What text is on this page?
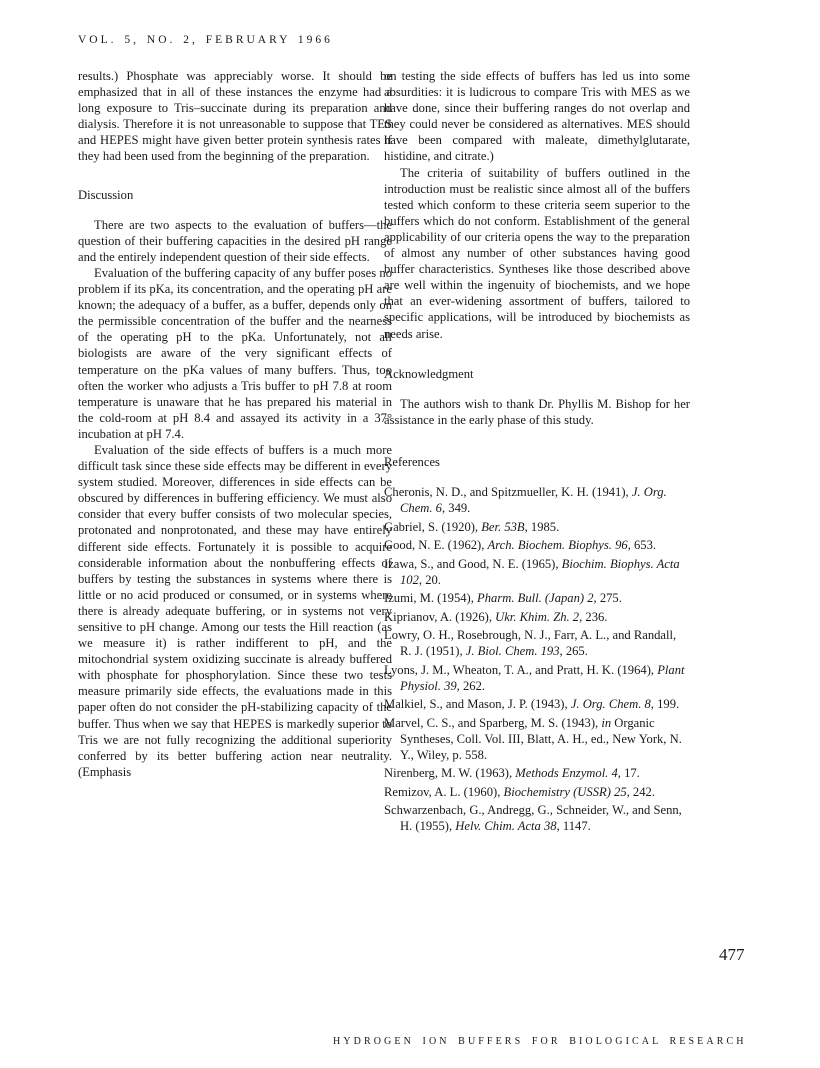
VOL. 5, NO. 2, FEBRUARY 1966

results.) Phosphate was appreciably worse. It should be emphasized that in all of these instances the enzyme had a long exposure to Tris–succinate during its preparation and dialysis. Therefore it is not unreasonable to suppose that TES and HEPES might have given better protein synthesis rates if they had been used from the beginning of the preparation.

Discussion

There are two aspects to the evaluation of buffers—the question of their buffering capacities in the desired pH range and the entirely independent question of their side effects.

Evaluation of the buffering capacity of any buffer poses no problem if its pKa, its concentration, and the operating pH are known; the adequacy of a buffer, as a buffer, depends only on the permissible concentration of the buffer and the nearness of the operating pH to the pKa. Unfortunately, not all biologists are aware of the very significant effects of temperature on the pKa values of many buffers. Thus, too often the worker who adjusts a Tris buffer to pH 7.8 at room temperature is unaware that he has prepared his material in the cold-room at pH 8.4 and assayed its activity in a 37° incubation at pH 7.4.

Evaluation of the side effects of buffers is a much more difficult task since these side effects may be different in every system studied. Moreover, differences in side effects can be obscured by differences in buffering efficiency. We must also consider that every buffer consists of two molecular species, protonated and nonprotonated, and these may have entirely different side effects. Fortunately it is possible to acquire considerable information about the nonbuffering effects of buffers by testing the substances in systems where there is little or no acid produced or consumed, or in systems where there is already adequate buffering, or in systems not very sensitive to pH change. Among our tests the Hill reaction (as we measure it) is rather indifferent to pH, and the mitochondrial system oxidizing succinate is already buffered with phosphate for phosphorylation. Since these two tests measure primarily side effects, the evaluations made in this paper often do not consider the pH-stabilizing capacity of the buffer. Thus when we say that HEPES is markedly superior to Tris we are not fully recognizing the additional superiority conferred by its better buffering action near neutrality. (Emphasis

on testing the side effects of buffers has led us into some absurdities: it is ludicrous to compare Tris with MES as we have done, since their buffering ranges do not overlap and they could never be considered as alternatives. MES should have been compared with maleate, dimethylglutarate, histidine, and citrate.)

The criteria of suitability of buffers outlined in the introduction must be realistic since almost all of the buffers tested which conform to these criteria seem superior to the buffers which do not conform. Establishment of the general applicability of our criteria opens the way to the preparation of almost any number of other substances having good buffer characteristics. Syntheses like those described above are well within the ingenuity of biochemists, and we hope that an ever-widening assortment of buffers, tailored to specific applications, will be introduced by biochemists as needs arise.

Acknowledgment

The authors wish to thank Dr. Phyllis M. Bishop for her assistance in the early phase of this study.

References

Cheronis, N. D., and Spitzmueller, K. H. (1941), J. Org. Chem. 6, 349.

Gabriel, S. (1920), Ber. 53B, 1985.

Good, N. E. (1962), Arch. Biochem. Biophys. 96, 653.

Izawa, S., and Good, N. E. (1965), Biochim. Biophys. Acta 102, 20.

Izumi, M. (1954), Pharm. Bull. (Japan) 2, 275.

Kiprianov, A. (1926), Ukr. Khim. Zh. 2, 236.

Lowry, O. H., Rosebrough, N. J., Farr, A. L., and Randall, R. J. (1951), J. Biol. Chem. 193, 265.

Lyons, J. M., Wheaton, T. A., and Pratt, H. K. (1964), Plant Physiol. 39, 262.

Malkiel, S., and Mason, J. P. (1943), J. Org. Chem. 8, 199.

Marvel, C. S., and Sparberg, M. S. (1943), in Organic Syntheses, Coll. Vol. III, Blatt, A. H., ed., New York, N. Y., Wiley, p. 558.

Nirenberg, M. W. (1963), Methods Enzymol. 4, 17.

Remizov, A. L. (1960), Biochemistry (USSR) 25, 242.

Schwarzenbach, G., Andregg, G., Schneider, W., and Senn, H. (1955), Helv. Chim. Acta 38, 1147.

477
HYDROGEN ION BUFFERS FOR BIOLOGICAL RESEARCH
